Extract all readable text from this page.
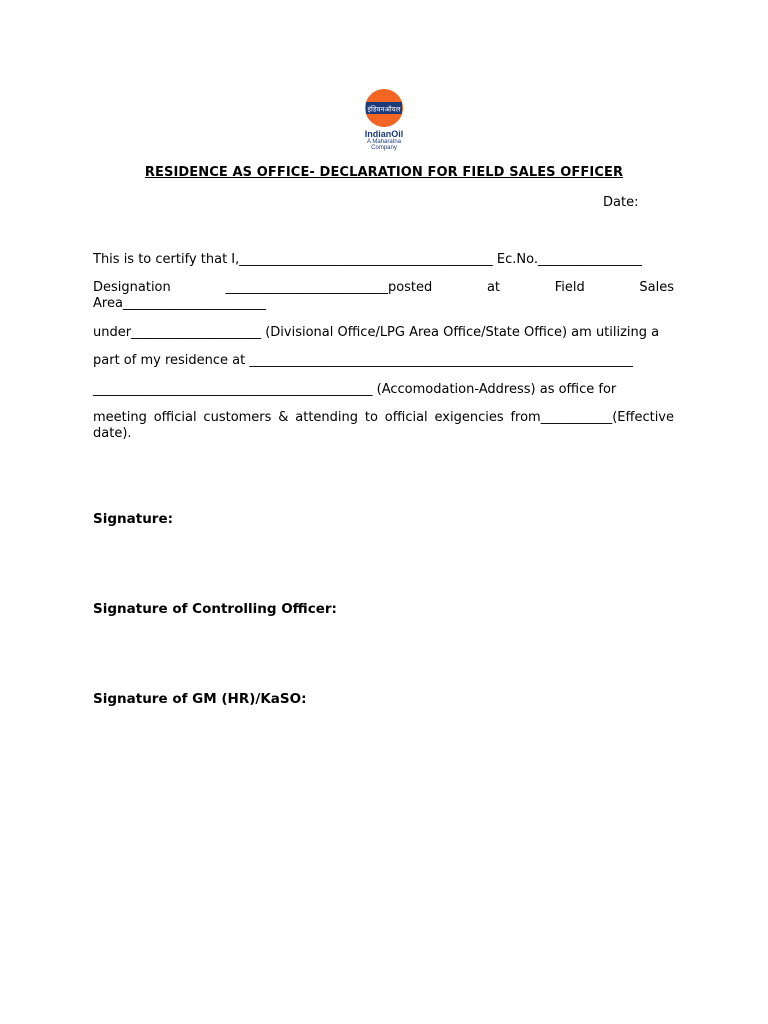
इंडियनऑयल
IndianOil
A Maharatna
Company
RESIDENCE AS OFFICE- DECLARATION FOR FIELD SALES OFFICER
Date:
This is to certify that I,_______________________________________ Ec.No.________________
Designation	_________________________posted	at	Field	Sales
Area______________________
under____________________ (Divisional Office/LPG Area Office/State Office) am utilizing a
part of my residence at ___________________________________________________________
___________________________________________ (Accomodation-Address) as office for
meeting official customers & attending to official exigencies from___________(Effective date).
Signature:
Signature of Controlling Officer:
Signature of GM (HR)/KaSO:
